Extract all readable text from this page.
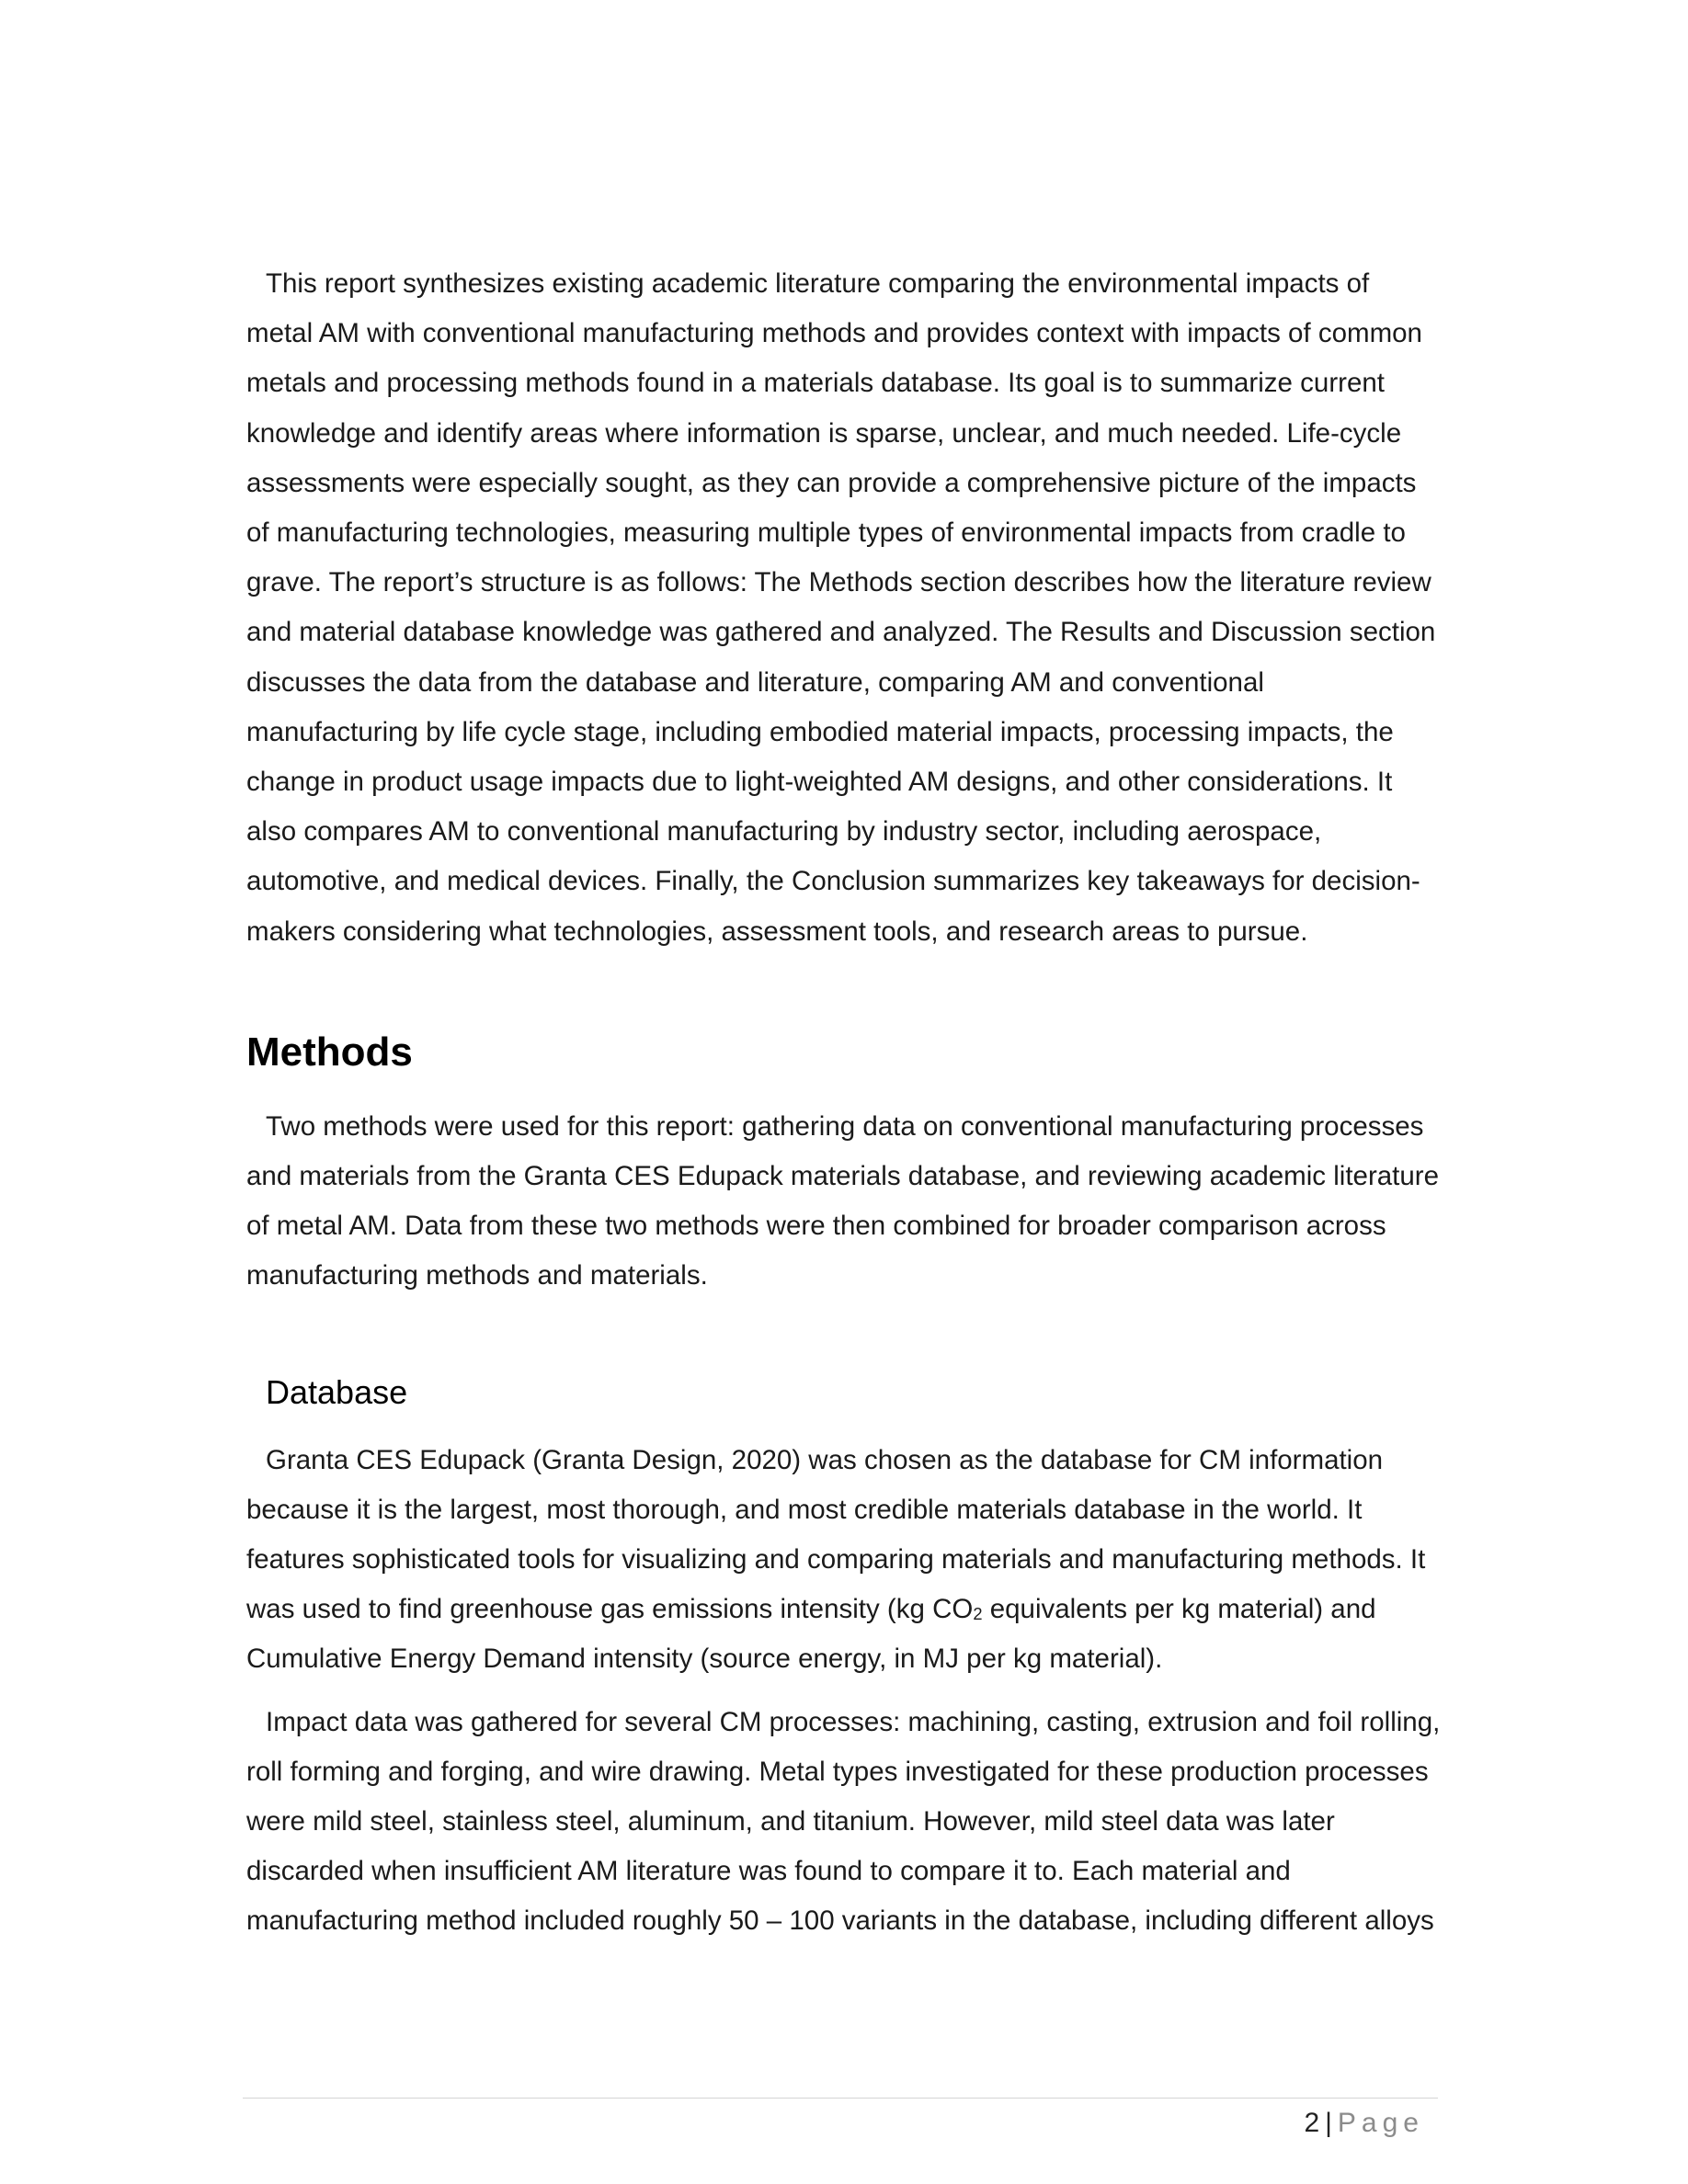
This report synthesizes existing academic literature comparing the environmental impacts of metal AM with conventional manufacturing methods and provides context with impacts of common metals and processing methods found in a materials database. Its goal is to summarize current knowledge and identify areas where information is sparse, unclear, and much needed. Life-cycle assessments were especially sought, as they can provide a comprehensive picture of the impacts of manufacturing technologies, measuring multiple types of environmental impacts from cradle to grave. The report’s structure is as follows: The Methods section describes how the literature review and material database knowledge was gathered and analyzed. The Results and Discussion section discusses the data from the database and literature, comparing AM and conventional manufacturing by life cycle stage, including embodied material impacts, processing impacts, the change in product usage impacts due to light-weighted AM designs, and other considerations. It also compares AM to conventional manufacturing by industry sector, including aerospace, automotive, and medical devices. Finally, the Conclusion summarizes key takeaways for decision-makers considering what technologies, assessment tools, and research areas to pursue.

Methods

Two methods were used for this report: gathering data on conventional manufacturing processes and materials from the Granta CES Edupack materials database, and reviewing academic literature of metal AM. Data from these two methods were then combined for broader comparison across manufacturing methods and materials.

Database

Granta CES Edupack (Granta Design, 2020) was chosen as the database for CM information because it is the largest, most thorough, and most credible materials database in the world. It features sophisticated tools for visualizing and comparing materials and manufacturing methods. It was used to find greenhouse gas emissions intensity (kg $CO_2$ equivalents per kg material) and Cumulative Energy Demand intensity (source energy, in MJ per kg material).

Impact data was gathered for several CM processes: machining, casting, extrusion and foil rolling, roll forming and forging, and wire drawing. Metal types investigated for these production processes were mild steel, stainless steel, aluminum, and titanium. However, mild steel data was later discarded when insufficient AM literature was found to compare it to. Each material and manufacturing method included roughly 50 – 100 variants in the database, including different alloys

2 | Page
